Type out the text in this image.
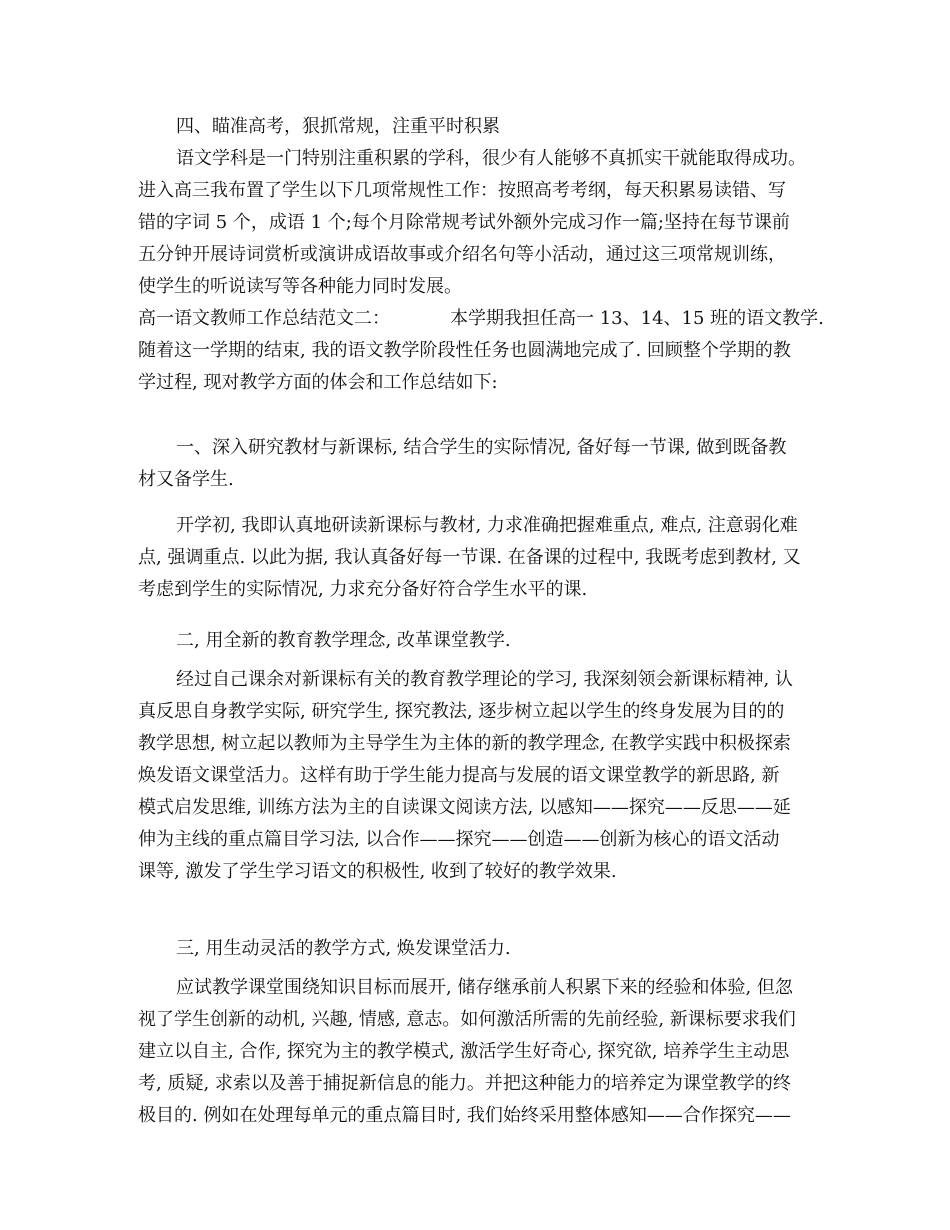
四、瞄准高考，狠抓常规，注重平时积累
语文学科是一门特别注重积累的学科，很少有人能够不真抓实干就能取得成功。
进入高三我布置了学生以下几项常规性工作：按照高考考纲，每天积累易读错、写
错的字词 5 个，成语 1 个;每个月除常规考试外额外完成习作一篇;坚持在每节课前
五分钟开展诗词赏析或演讲成语故事或介绍名句等小活动，通过这三项常规训练，
使学生的听说读写等各种能力同时发展。
高一语文教师工作总结范文二：	本学期我担任高一 13、14、15 班的语文教学.
随着这一学期的结束, 我的语文教学阶段性任务也圆满地完成了. 回顾整个学期的教
学过程, 现对教学方面的体会和工作总结如下:
一、深入研究教材与新课标, 结合学生的实际情况, 备好每一节课, 做到既备教
材又备学生.
开学初, 我即认真地研读新课标与教材, 力求准确把握难重点, 难点, 注意弱化难
点, 强调重点. 以此为据, 我认真备好每一节课. 在备课的过程中, 我既考虑到教材, 又
考虑到学生的实际情况, 力求充分备好符合学生水平的课.
二, 用全新的教育教学理念, 改革课堂教学.
经过自己课余对新课标有关的教育教学理论的学习, 我深刻领会新课标精神, 认
真反思自身教学实际, 研究学生, 探究教法, 逐步树立起以学生的终身发展为目的的
教学思想, 树立起以教师为主导学生为主体的新的教学理念, 在教学实践中积极探索
焕发语文课堂活力。这样有助于学生能力提高与发展的语文课堂教学的新思路, 新
模式启发思维, 训练方法为主的自读课文阅读方法, 以感知——探究——反思——延
伸为主线的重点篇目学习法, 以合作——探究——创造——创新为核心的语文活动
课等, 激发了学生学习语文的积极性, 收到了较好的教学效果.
三, 用生动灵活的教学方式, 焕发课堂活力.
应试教学课堂围绕知识目标而展开, 储存继承前人积累下来的经验和体验, 但忽
视了学生创新的动机, 兴趣, 情感, 意志。如何激活所需的先前经验, 新课标要求我们
建立以自主, 合作, 探究为主的教学模式, 激活学生好奇心, 探究欲, 培养学生主动思
考, 质疑, 求索以及善于捕捉新信息的能力。并把这种能力的培养定为课堂教学的终
极目的. 例如在处理每单元的重点篇目时, 我们始终采用整体感知——合作探究——
